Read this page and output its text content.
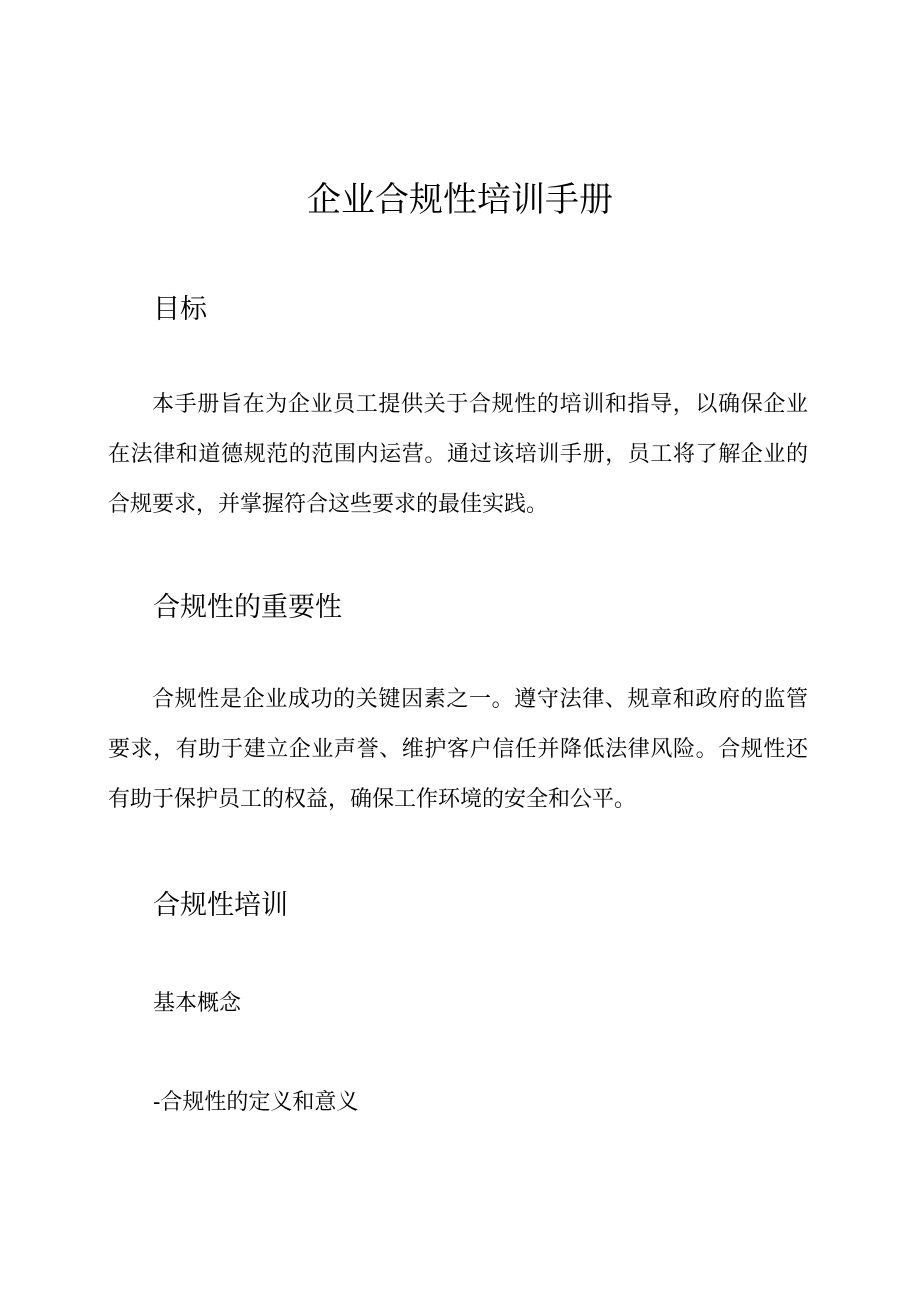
企业合规性培训手册
目标

本手册旨在为企业员工提供关于合规性的培训和指导，以确保企业在法律和道德规范的范围内运营。通过该培训手册，员工将了解企业的合规要求，并掌握符合这些要求的最佳实践。

合规性的重要性

合规性是企业成功的关键因素之一。遵守法律、规章和政府的监管要求，有助于建立企业声誉、维护客户信任并降低法律风险。合规性还有助于保护员工的权益，确保工作环境的安全和公平。

合规性培训
基本概念

-合规性的定义和意义
